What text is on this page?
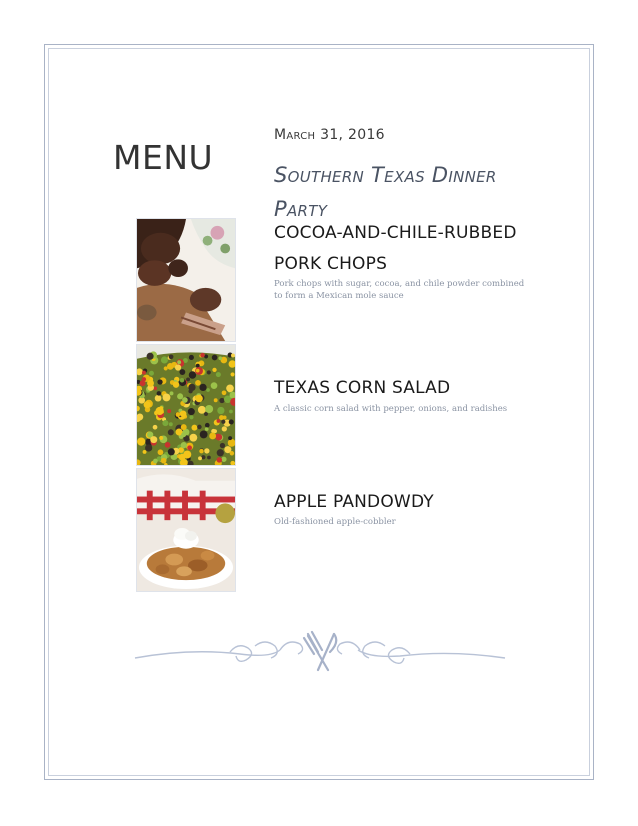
MENU
March 31, 2016
Southern Texas Dinner Party
COCOA-AND-CHILE-RUBBED PORK CHOPS
Pork chops with sugar, cocoa, and chile powder combined to form a Mexican mole sauce
TEXAS CORN SALAD
A classic corn salad with pepper, onions, and radishes
APPLE PANDOWDY
Old-fashioned apple-cobbler
